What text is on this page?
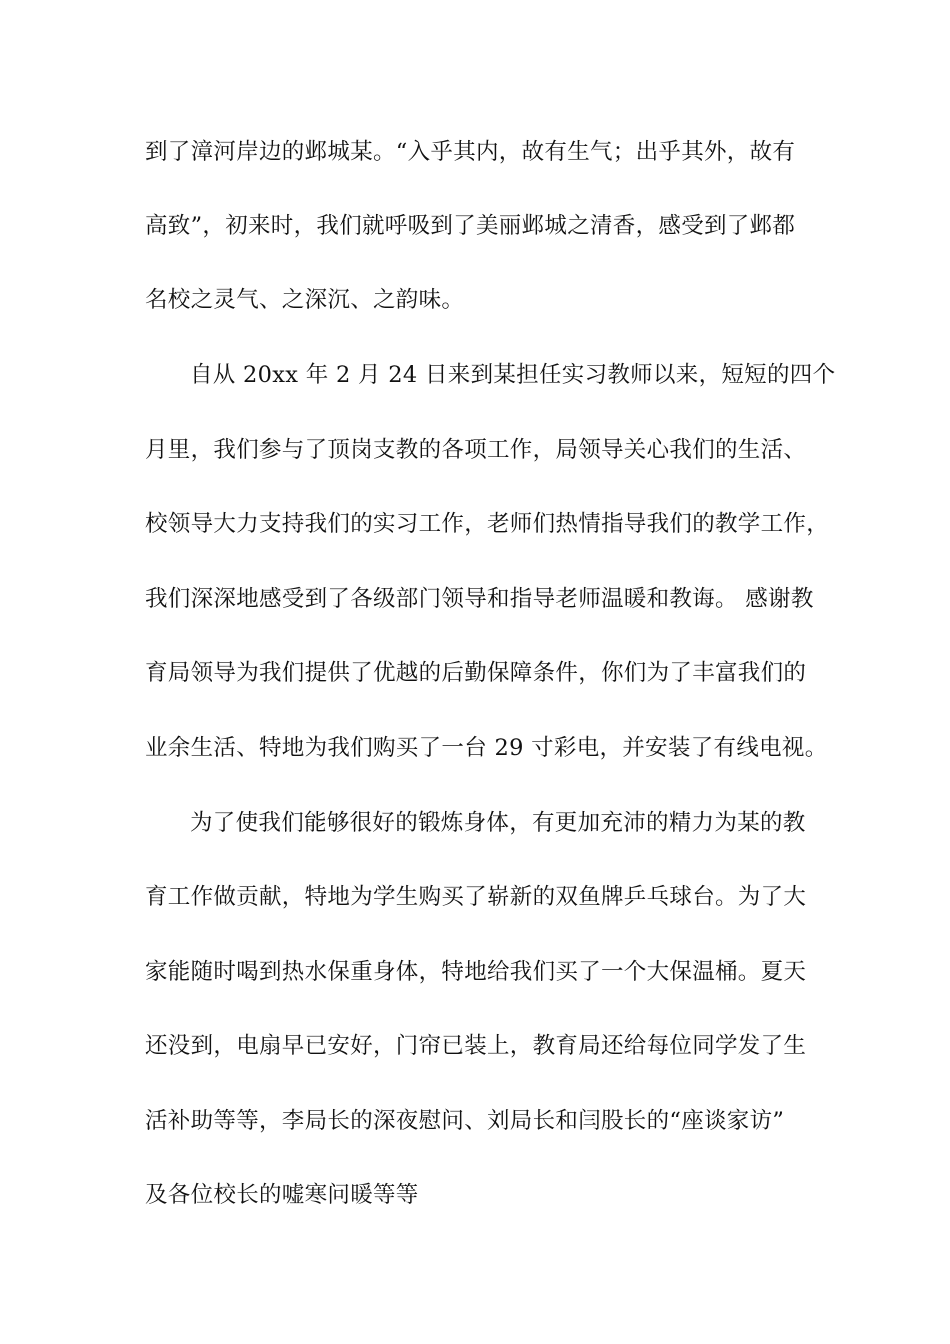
到了漳河岸边的邺城某。“入乎其内，故有生气；出乎其外，故有
高致”，初来时，我们就呼吸到了美丽邺城之清香，感受到了邺都
名校之灵气、之深沉、之韵味。
自从 20xx 年 2 月 24 日来到某担任实习教师以来，短短的四个
月里，我们参与了顶岗支教的各项工作，局领导关心我们的生活、
校领导大力支持我们的实习工作，老师们热情指导我们的教学工作，
我们深深地感受到了各级部门领导和指导老师温暖和教诲。 感谢教
育局领导为我们提供了优越的后勤保障条件，你们为了丰富我们的
业余生活、特地为我们购买了一台 29 寸彩电，并安装了有线电视。
为了使我们能够很好的锻炼身体，有更加充沛的精力为某的教
育工作做贡献，特地为学生购买了崭新的双鱼牌乒乓球台。为了大
家能随时喝到热水保重身体，特地给我们买了一个大保温桶。夏天
还没到，电扇早已安好，门帘已装上，教育局还给每位同学发了生
活补助等等，李局长的深夜慰问、刘局长和闫股长的“座谈家访”
及各位校长的嘘寒问暖等等
